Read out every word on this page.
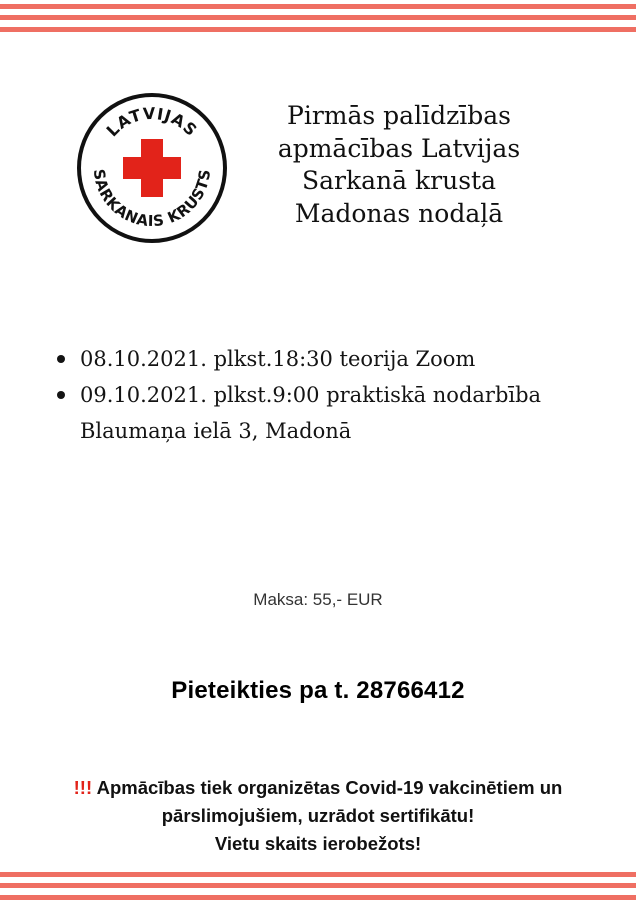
LATVIJAS
SARKANAIS KRUSTS
Pirmās palīdzības
apmācības Latvijas
Sarkanā krusta
Madonas nodaļā
08.10.2021. plkst.18:30 teorija Zoom
09.10.2021. plkst.9:00 praktiskā nodarbība
Blaumaņa ielā 3, Madonā
Maksa: 55,- EUR
Pieteikties pa t. 28766412
!!! Apmācības tiek organizētas Covid-19 vakcinētiem un
pārslimojušiem, uzrādot sertifikātu!
Vietu skaits ierobežots!
